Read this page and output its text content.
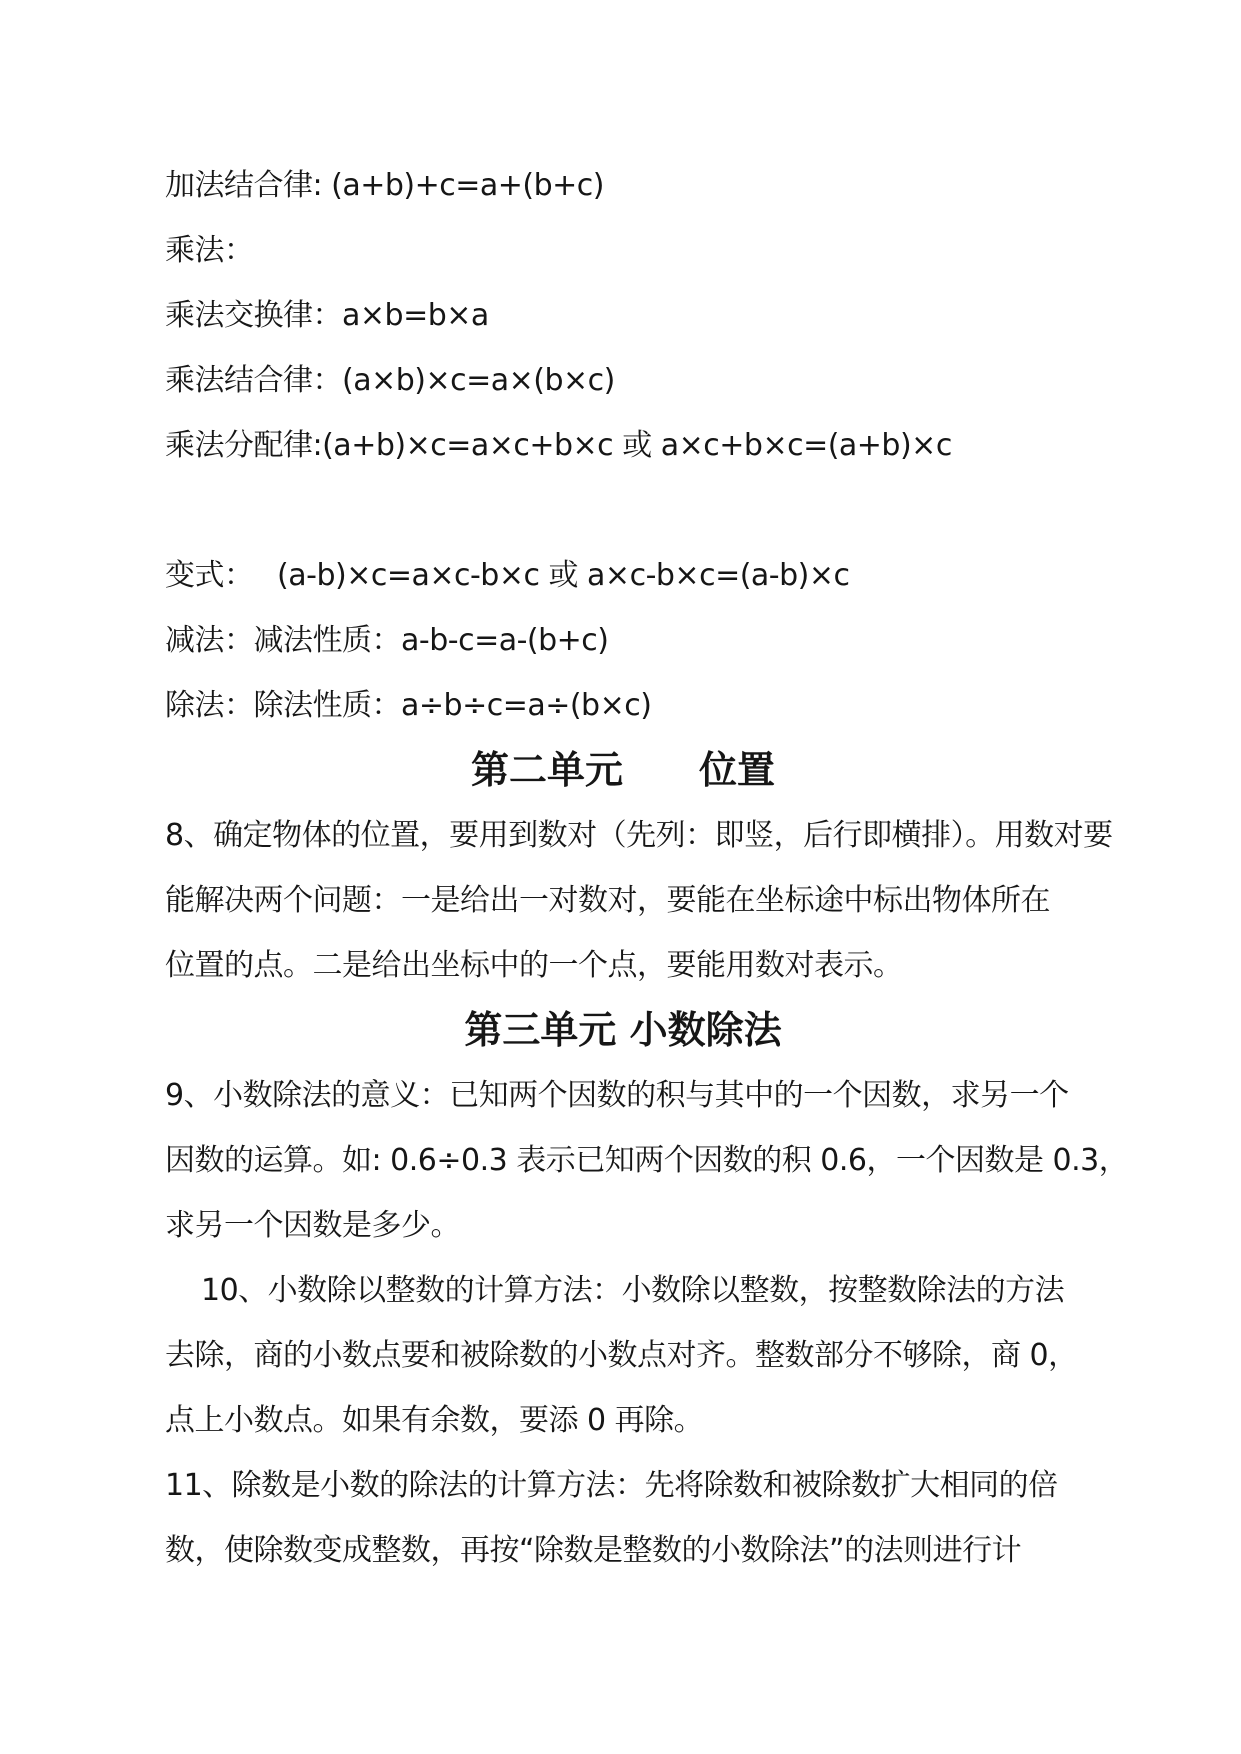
加法结合律: (a+b)+c=a+(b+c)
乘法：
乘法交换律：a×b=b×a
乘法结合律：(a×b)×c=a×(b×c)
乘法分配律:(a+b)×c=a×c+b×c 或 a×c+b×c=(a+b)×c
变式：　 (a-b)×c=a×c-b×c 或 a×c-b×c=(a-b)×c
减法：减法性质：a-b-c=a-(b+c)
除法：除法性质：a÷b÷c=a÷(b×c)
第二单元　　位置
8、确定物体的位置，要用到数对（先列：即竖，后行即横排）。用数对要
能解决两个问题：一是给出一对数对，要能在坐标途中标出物体所在
位置的点。二是给出坐标中的一个点，要能用数对表示。
第三单元 小数除法
9、小数除法的意义：已知两个因数的积与其中的一个因数，求另一个
因数的运算。如: 0.6÷0.3 表示已知两个因数的积 0.6，一个因数是 0.3，
求另一个因数是多少。
10、小数除以整数的计算方法：小数除以整数，按整数除法的方法
去除，商的小数点要和被除数的小数点对齐。整数部分不够除，商 0，
点上小数点。如果有余数，要添 0 再除。
11、除数是小数的除法的计算方法：先将除数和被除数扩大相同的倍
数，使除数变成整数，再按“除数是整数的小数除法”的法则进行计
